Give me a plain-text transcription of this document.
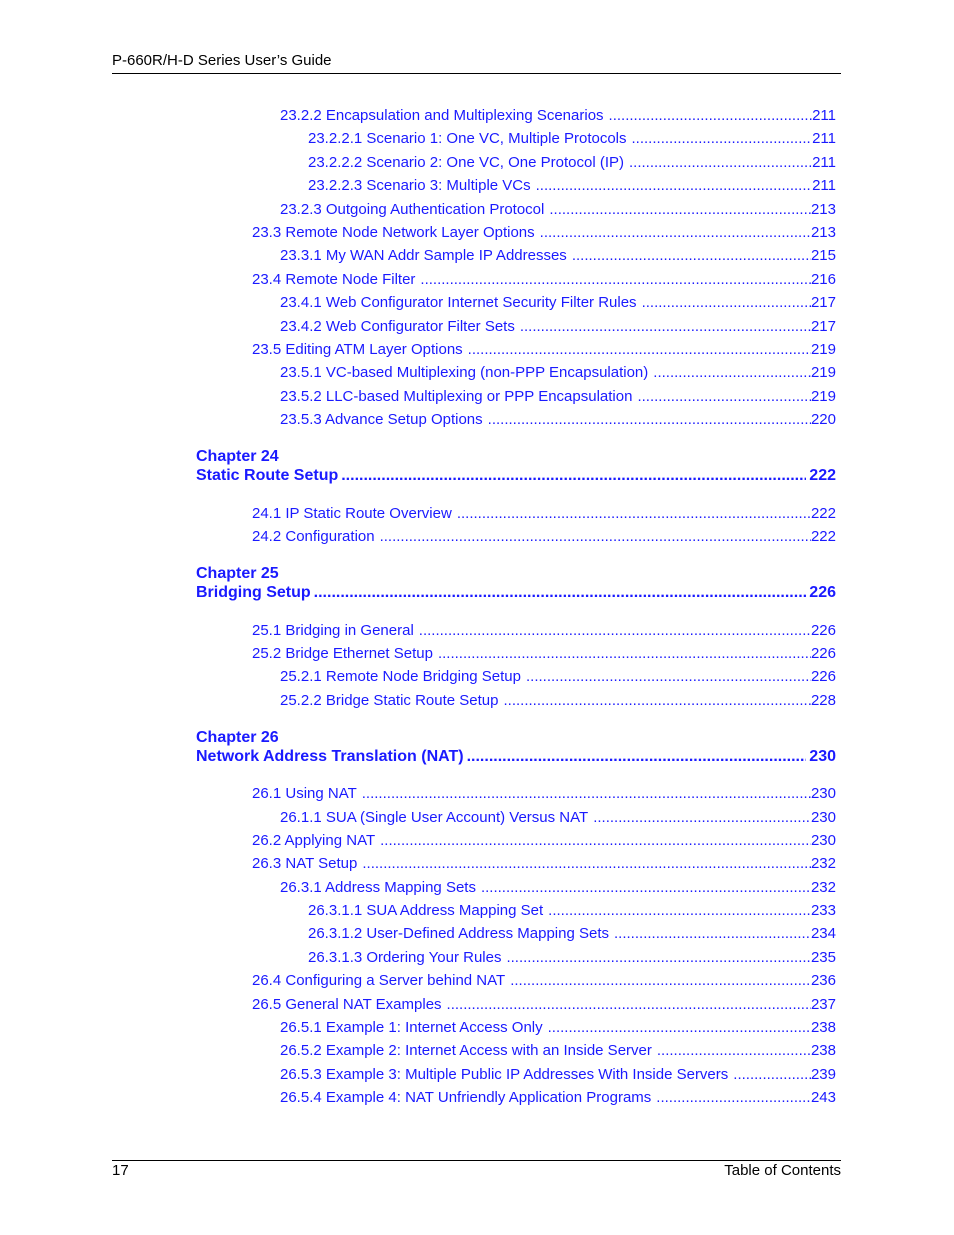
P-660R/H-D Series User’s Guide
23.2.2 Encapsulation and Multiplexing Scenarios .....	211
23.2.2.1 Scenario 1: One VC, Multiple Protocols .....	211
23.2.2.2 Scenario 2: One VC, One Protocol (IP) .....	211
23.2.2.3 Scenario 3: Multiple VCs .....	211
23.2.3 Outgoing Authentication Protocol .....	213
23.3 Remote Node Network Layer Options .....	213
23.3.1 My WAN Addr Sample IP Addresses .....	215
23.4 Remote Node Filter .....	216
23.4.1 Web Configurator Internet Security Filter Rules .....	217
23.4.2 Web Configurator Filter Sets .....	217
23.5 Editing ATM Layer Options .....	219
23.5.1 VC-based Multiplexing (non-PPP Encapsulation) .....	219
23.5.2 LLC-based Multiplexing or PPP Encapsulation .....	219
23.5.3 Advance Setup Options .....	220
Chapter 24
Static Route Setup .....	222
24.1 IP Static Route Overview .....	222
24.2 Configuration .....	222
Chapter 25
Bridging Setup .....	226
25.1 Bridging in General .....	226
25.2 Bridge Ethernet Setup .....	226
25.2.1 Remote Node Bridging Setup .....	226
25.2.2 Bridge Static Route Setup .....	228
Chapter 26
Network Address Translation (NAT) .....	230
26.1 Using NAT .....	230
26.1.1 SUA (Single User Account) Versus NAT .....	230
26.2 Applying NAT .....	230
26.3 NAT Setup .....	232
26.3.1 Address Mapping Sets .....	232
26.3.1.1 SUA Address Mapping Set .....	233
26.3.1.2 User-Defined Address Mapping Sets .....	234
26.3.1.3 Ordering Your Rules .....	235
26.4 Configuring a Server behind NAT .....	236
26.5 General NAT Examples .....	237
26.5.1 Example 1: Internet Access Only .....	238
26.5.2 Example 2: Internet Access with an Inside Server .....	238
26.5.3 Example 3: Multiple Public IP Addresses With Inside Servers .....	239
26.5.4 Example 4: NAT Unfriendly Application Programs .....	243
17	Table of Contents
